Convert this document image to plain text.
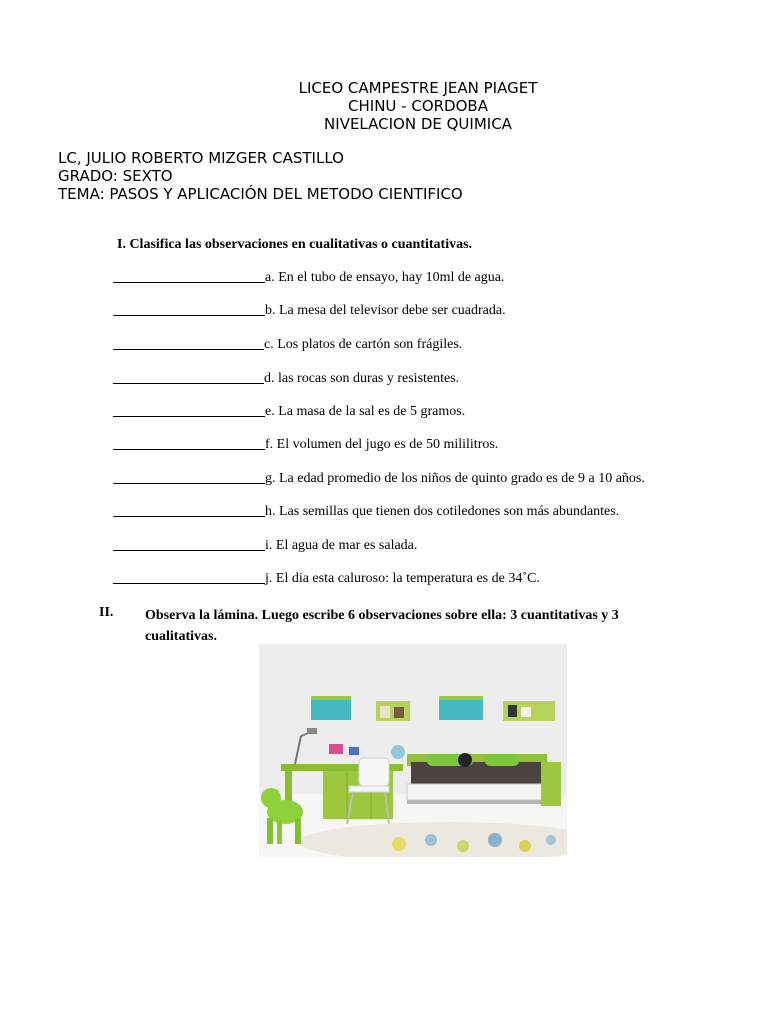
LICEO CAMPESTRE JEAN PIAGET
CHINU - CORDOBA
NIVELACION DE QUIMICA
LC, JULIO ROBERTO MIZGER CASTILLO
GRADO: SEXTO
TEMA: PASOS Y APLICACIÓN DEL METODO CIENTIFICO
I. Clasifica las observaciones en cualitativas o cuantitativas.
a. En el tubo de ensayo, hay 10ml de agua.
b. La mesa del televisor debe ser cuadrada.
c. Los platos de cartón son frágiles.
d. las rocas son duras y resistentes.
e. La masa de la sal es de 5 gramos.
f. El volumen del jugo es de 50 mililitros.
g. La edad promedio de los niños de quinto grado es de 9 a 10 años.
h. Las semillas que tienen dos cotiledones son más abundantes.
i. El agua de mar es salada.
j. El dia esta caluroso: la temperatura es de 34˚C.
II. Observa la lámina. Luego escribe 6 observaciones sobre ella: 3 cuantitativas y 3 cualitativas.
